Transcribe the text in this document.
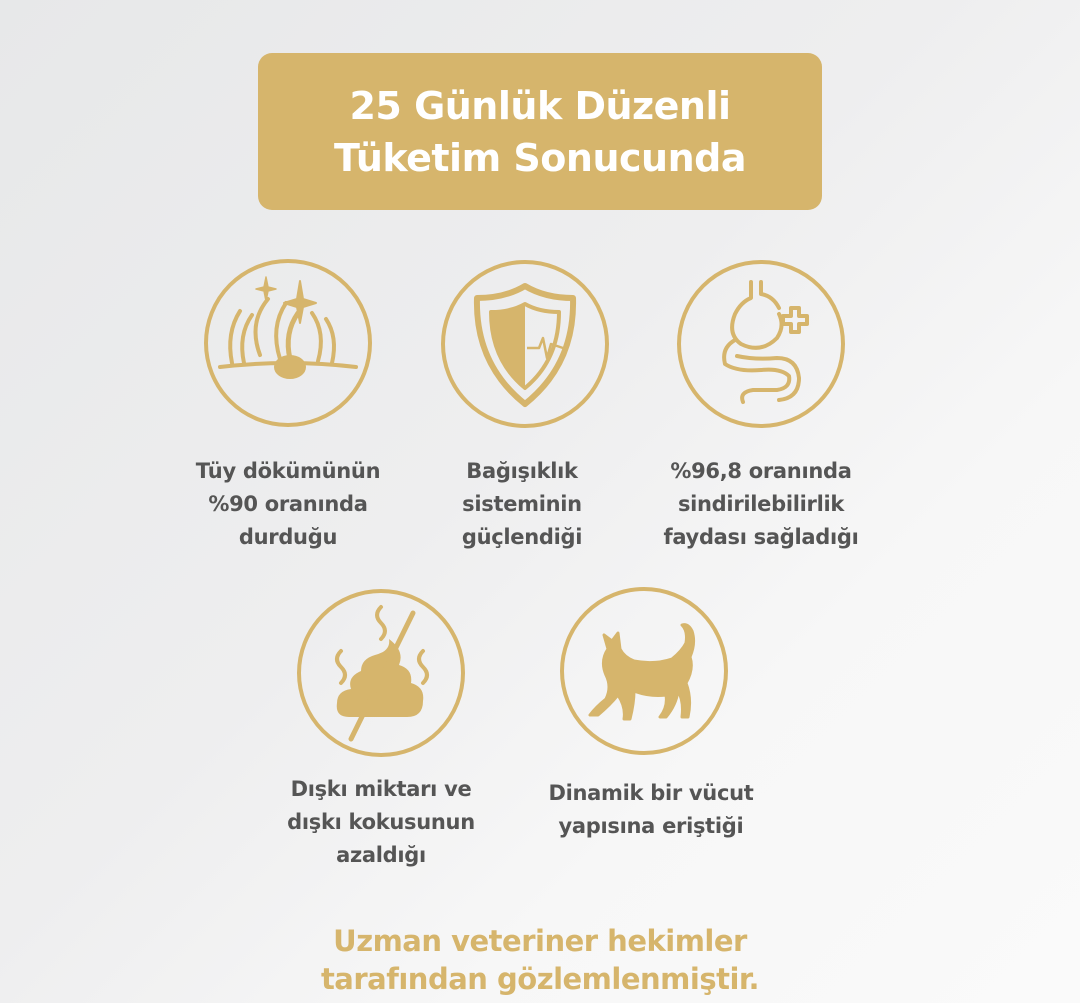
25 Günlük Düzenli
Tüketim Sonucunda
Tüy dökümünün
%90 oranında
durduğu
Bağışıklık
sisteminin
güçlendiği
%96,8 oranında
sindirilebilirlik
faydası sağladığı
Dışkı miktarı ve
dışkı kokusunun
azaldığı
Dinamik bir vücut
yapısına eriştiği
Uzman veteriner hekimler
tarafından gözlemlenmiştir.
